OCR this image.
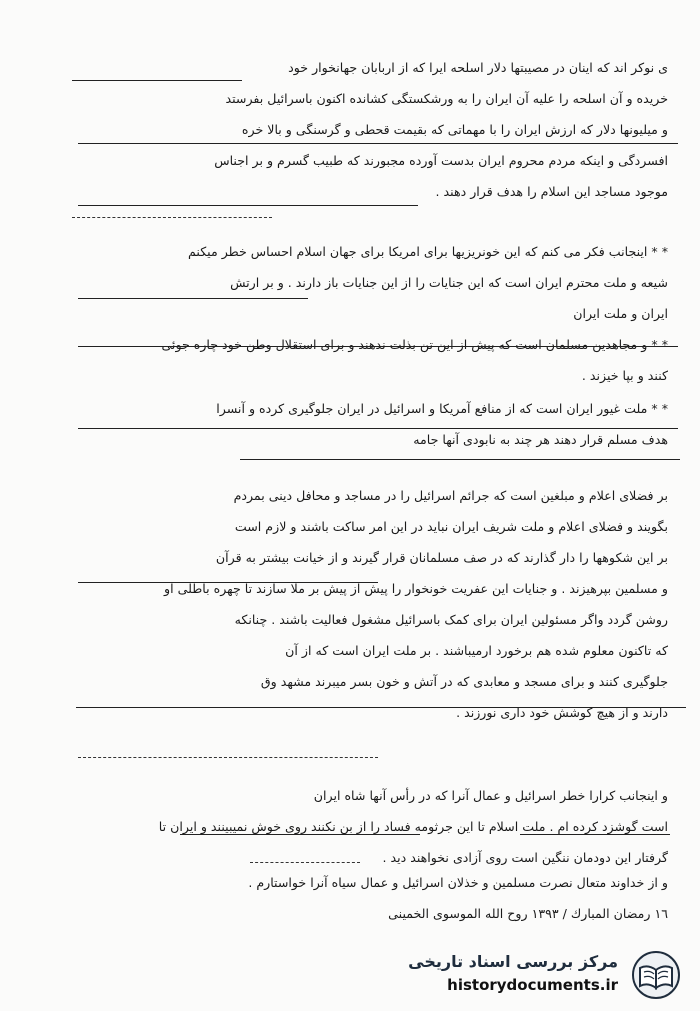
ی نوکر اند که اینان در مصیبتها دلار اسلحه ایرا که از اربابان جهانخوار خود
خریده و آن اسلحه را علیه آن ایران را به ورشکستگی کشانده اکنون باسرائیل بفرستد
و میلیونها دلار که ارزش ایران را با مهماتی که بقیمت قحطی و گرسنگی و بالا خره
افسردگی و اینکه مردم محروم ایران بدست آورده مجبورند که طبیب گسرم و بر اجناس
موجود مساجد این اسلام را هدف قرار دهند .
* * اینجانب فکر می کنم که این خونریزیها برای امریکا برای جهان اسلام احساس خطر میکنم
شیعه و ملت محترم ایران است که این جنایات را از این جنایات باز دارند . و بر ارتش
ایران و ملت ایران
* * و مجاهدین مسلمان است که پیش از این تن بذلت ندهند و برای استقلال وطن خود چاره جوئی
کنند و بپا خیزند .
* * ملت غیور ایران است که از منافع آمریکا و اسرائیل در ایران جلوگیری کرده و آنسرا
هدف مسلم قرار دهند هر چند به نابودی آنها جامه
بر فضلای اعلام و مبلغین است که جرائم اسرائیل را در مساجد و محافل دینی بمردم
بگویند و فضلای اعلام و ملت شریف ایران نباید در این امر ساکت باشند و لازم است
بر این شکوهها را دار گذارند که در صف مسلمانان قرار گیرند و از خیانت بیشتر به قرآن
و مسلمین بپرهیزند . و جنایات این عفریت خونخوار را پیش از پیش بر ملا سازند تا چهره باطلی او
روشن گردد واگر مسئولین ایران برای کمک باسرائیل مشغول فعالیت باشند . چنانکه
که تاکنون معلوم شده هم برخورد ارمیباشند . بر ملت ایران است که از آن
جلوگیری کنند و برای مسجد و معابدی که در آتش و خون بسر میبرند مشهد وق
دارند و از هیچ کوشش خود داری نورزند .
و اینجانب کرارا خطر اسرائیل و عمال آنرا که در رأس آنها شاه ایران
است گوشزد کرده ام . ملت اسلام تا این جرثومه فساد را از بن نکنند روی خوش نمیبینند و ایران تا
گرفتار این دودمان ننگین است روی آزادی نخواهند دید .
و از خداوند متعال نصرت مسلمین و خذلان اسرائیل و عمال سیاه آنرا خواستارم .
١٦ رمضان المبارك / ١٣٩٣ روح الله الموسوی الخمینی
مرکز بررسی اسناد تاریخی
historydocuments.ir
